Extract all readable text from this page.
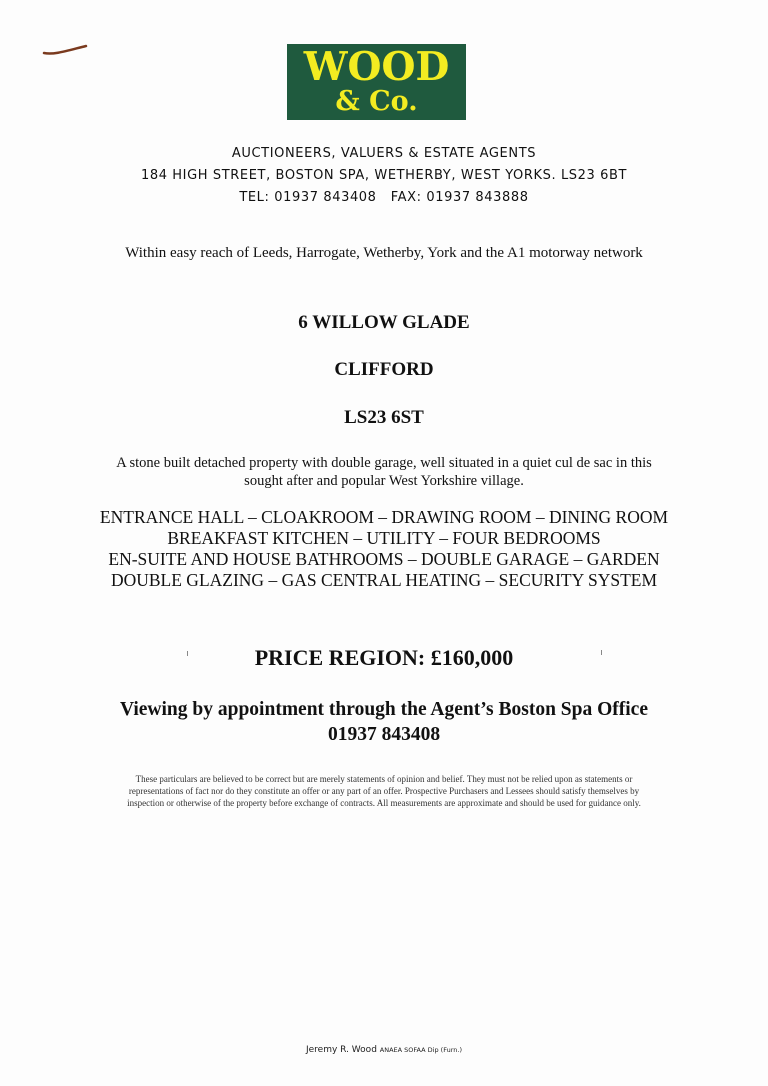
WOOD
& Co.
AUCTIONEERS, VALUERS & ESTATE AGENTS
184 HIGH STREET, BOSTON SPA, WETHERBY, WEST YORKS. LS23 6BT
TEL: 01937 843408   FAX: 01937 843888
Within easy reach of Leeds, Harrogate, Wetherby, York and the A1 motorway network
6 WILLOW GLADE
CLIFFORD
LS23 6ST
A stone built detached property with double garage, well situated in a quiet cul de sac in this
sought after and popular West Yorkshire village.
ENTRANCE HALL – CLOAKROOM – DRAWING ROOM – DINING ROOM
BREAKFAST KITCHEN – UTILITY – FOUR BEDROOMS
EN-SUITE AND HOUSE BATHROOMS – DOUBLE GARAGE – GARDEN
DOUBLE GLAZING – GAS CENTRAL HEATING – SECURITY SYSTEM
PRICE REGION: £160,000
Viewing by appointment through the Agent’s Boston Spa Office
01937 843408
These particulars are believed to be correct but are merely statements of opinion and belief. They must not be relied upon as statements or
representations of fact nor do they constitute an offer or any part of an offer. Prospective Purchasers and Lessees should satisfy themselves by
inspection or otherwise of the property before exchange of contracts. All measurements are approximate and should be used for guidance only.
Jeremy R. Wood ANAEA SOFAA Dip (Furn.)
